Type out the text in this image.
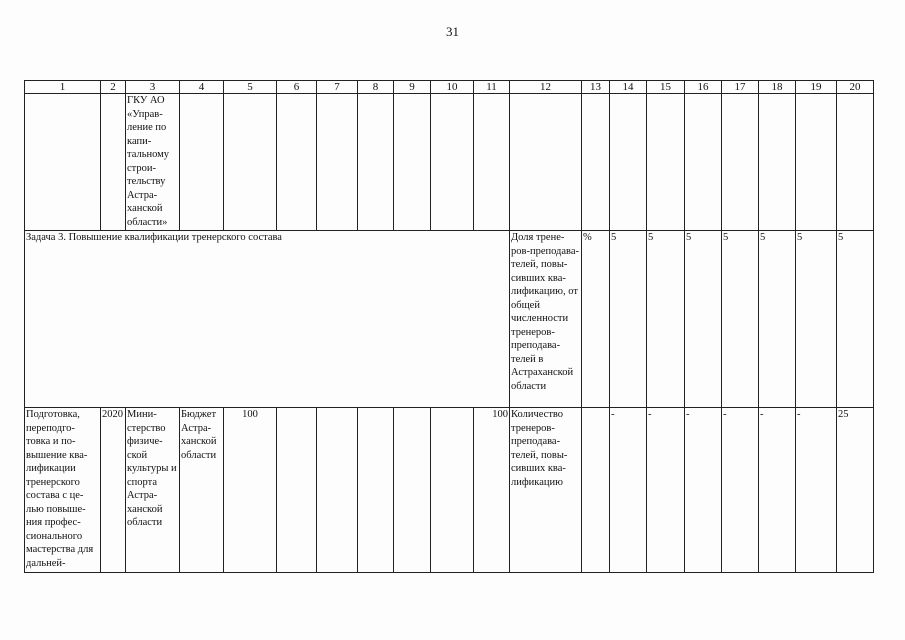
31
1	2	3	4	5	6	7	8	9	10	11	12	13	14	15	16	17	18	19	20
		ГКУ АО «Управ-ление по капи-тальному строи-тельству Астра-ханской области»																	
Задача 3. Повышение квалификации тренерского состава											Доля трене-ров-преподава-телей, повы-сивших ква-лификацию, от общей численности тренеров-преподава-телей в Астраханской области	%	5	5	5	5	5	5	5
Подготовка, переподго-товка и по-вышение ква-лификации тренерского состава с це-лью повыше-ния профес-сионального мастерства для дальней-	2020	Мини-стерство физиче-ской культуры и спорта Астра-ханской области	Бюджет Астра-ханской области	100						100	Количество тренеров-преподава-телей, повы-сивших ква-лификацию		-	-	-	-	-	-	25
